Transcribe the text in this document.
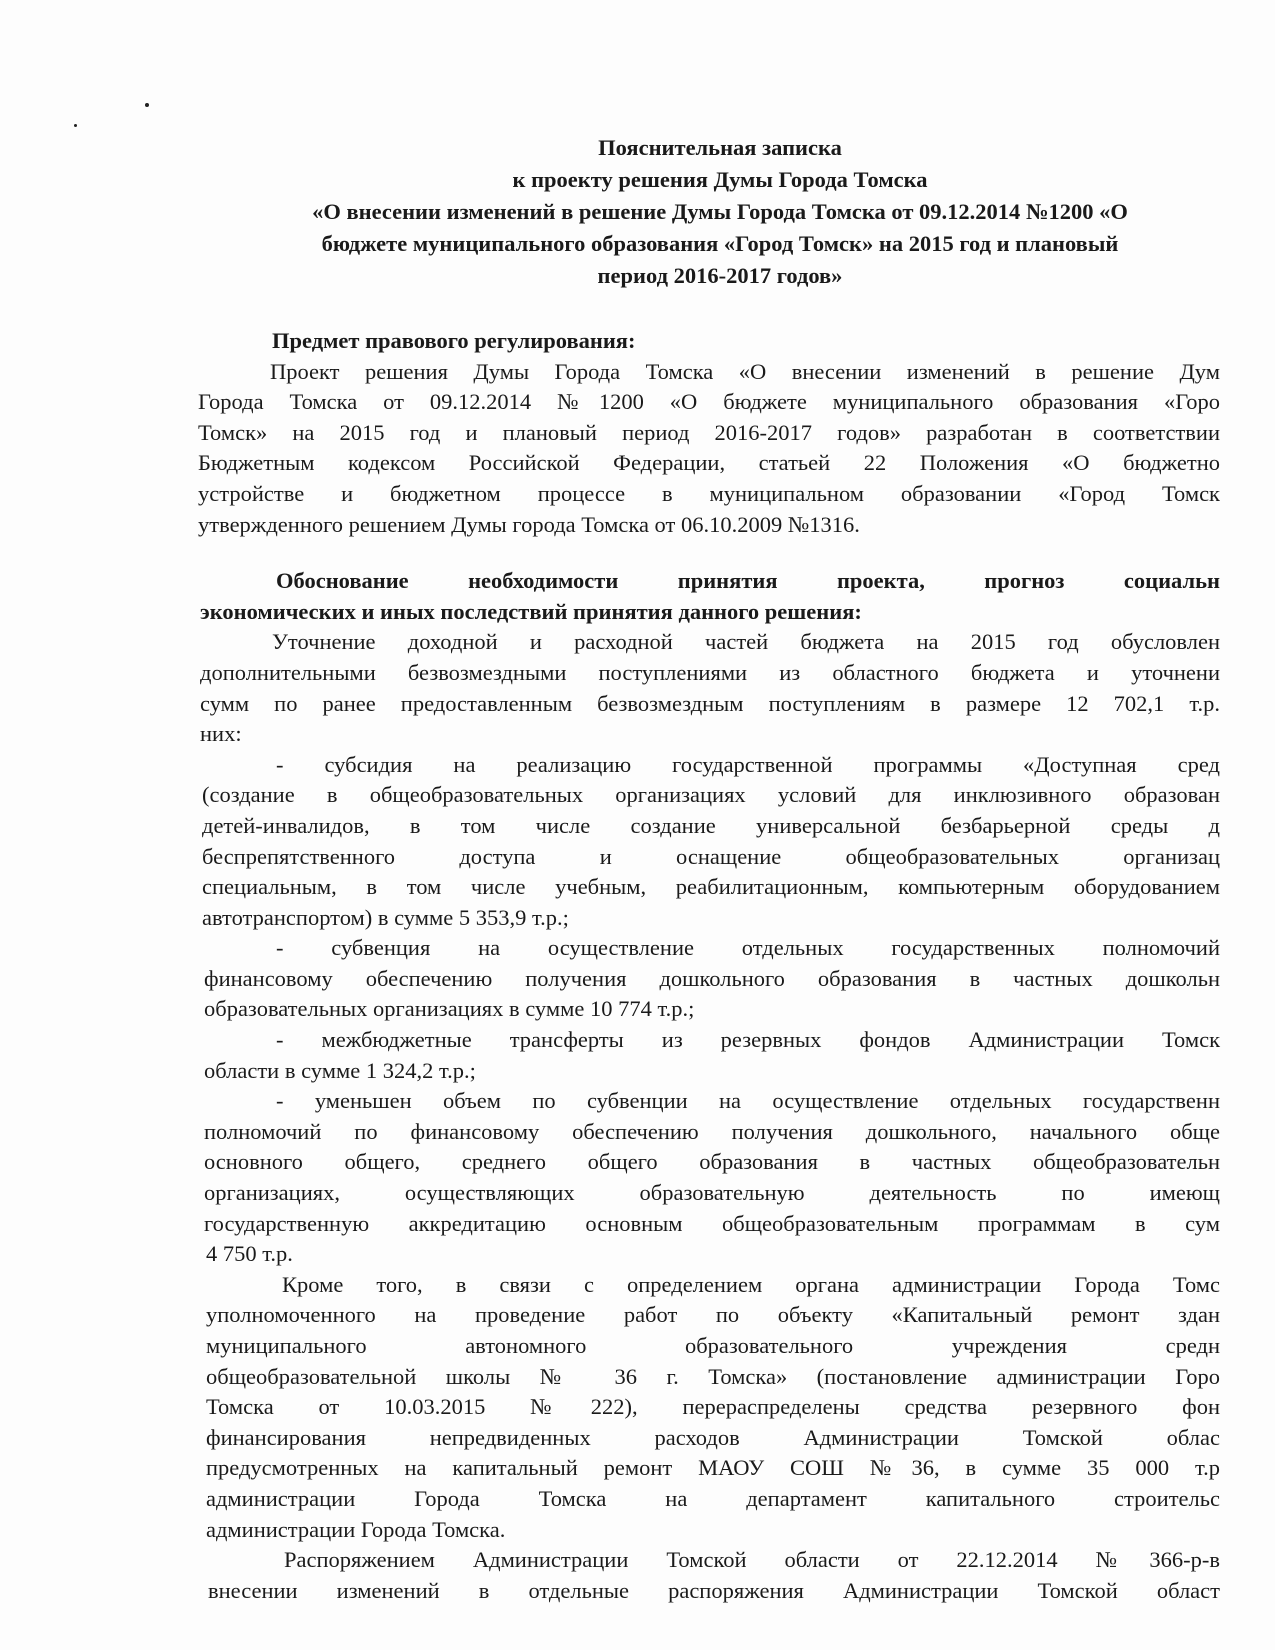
Пояснительная записка
к проекту решения Думы Города Томска
«О внесении изменений в решение Думы Города Томска от 09.12.2014 №1200 «О
бюджете муниципального образования «Город Томск» на 2015 год и плановый
период 2016-2017 годов»
Предмет правового регулирования:
Проект решения Думы Города Томска «О внесении изменений в решение Дум
Города Томска от 09.12.2014 №1200 «О бюджете муниципального образования «Горо
Томск» на 2015 год и плановый период 2016-2017 годов» разработан в соответствии
Бюджетным кодексом Российской Федерации, статьей 22 Положения «О бюджетно
устройстве и бюджетном процессе в муниципальном образовании «Город Томск
утвержденного решением Думы города Томска от 06.10.2009 №1316.
Обоснование необходимости принятия проекта, прогноз социальн
экономических и иных последствий принятия данного решения:
Уточнение доходной и расходной частей бюджета на 2015 год обусловлен
дополнительными безвозмездными поступлениями из областного бюджета и уточнени
сумм по ранее предоставленным безвозмездным поступлениям в размере 12 702,1 т.р.
них:
- субсидия на реализацию государственной программы «Доступная сред
(создание в общеобразовательных организациях условий для инклюзивного образован
детей-инвалидов, в том числе создание универсальной безбарьерной среды д
беспрепятственного доступа и оснащение общеобразовательных организац
специальным, в том числе учебным, реабилитационным, компьютерным оборудованием
автотранспортом) в сумме 5 353,9 т.р.;
- субвенция на осуществление отдельных государственных полномочий
финансовому обеспечению получения дошкольного образования в частных дошкольн
образовательных организациях в сумме 10 774 т.р.;
- межбюджетные трансферты из резервных фондов Администрации Томск
области в сумме 1 324,2 т.р.;
- уменьшен объем по субвенции на осуществление отдельных государственн
полномочий по финансовому обеспечению получения дошкольного, начального обще
основного общего, среднего общего образования в частных общеобразовательн
организациях, осуществляющих образовательную деятельность по имеющ
государственную аккредитацию основным общеобразовательным программам в сум
4 750 т.р.
Кроме того, в связи с определением органа администрации Города Томс
уполномоченного на проведение работ по объекту «Капитальный ремонт здан
муниципального автономного образовательного учреждения средн
общеобразовательной школы № 36 г. Томска» (постановление администрации Горо
Томска от 10.03.2015 №222), перераспределены средства резервного фон
финансирования непредвиденных расходов Администрации Томской облас
предусмотренных на капитальный ремонт МАОУ СОШ №36, в сумме 35 000 т.р
администрации Города Томска на департамент капитального строительс
администрации Города Томска.
Распоряжением Администрации Томской области от 22.12.2014 №366-р-в
внесении изменений в отдельные распоряжения Администрации Томской област
